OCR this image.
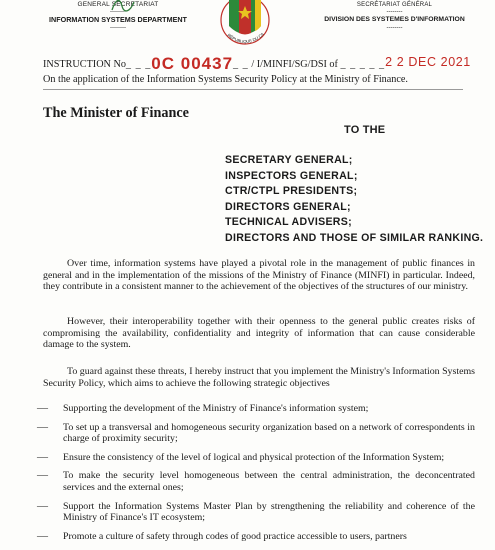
GENERAL SECRETARIAT
--------
INFORMATION SYSTEMS DEPARTMENT
--------
RÉPUBLIQUE DU CA
SECRÉTARIAT GÉNÉRAL
--------
DIVISION DES SYSTEMES D'INFORMATION
--------
INSTRUCTION No_ _ _0C 00437_ _ / I/MINFI/SG/DSI of _ _ _ _ _2 2 DEC 2021
On the application of the Information Systems Security Policy at the Ministry of Finance.
The Minister of Finance
TO THE
SECRETARY GENERAL;
INSPECTORS GENERAL;
CTR/CTPL PRESIDENTS;
DIRECTORS GENERAL;
TECHNICAL ADVISERS;
DIRECTORS AND THOSE OF SIMILAR RANKING.

Over time, information systems have played a pivotal role in the management of public finances in general and in the implementation of the missions of the Ministry of Finance (MINFI) in particular. Indeed, they contribute in a consistent manner to the achievement of the objectives of the structures of our ministry.

However, their interoperability together with their openness to the general public creates risks of compromising the availability, confidentiality and integrity of information that can cause considerable damage to the system.

To guard against these threats, I hereby instruct that you implement the Ministry's Information Systems Security Policy, which aims to achieve the following strategic objectives

— Supporting the development of the Ministry of Finance's information system;
— To set up a transversal and homogeneous security organization based on a network of correspondents in charge of proximity security;
— Ensure the consistency of the level of logical and physical protection of the Information System;
— To make the security level homogeneous between the central administration, the deconcentrated services and the external ones;
— Support the Information Systems Master Plan by strengthening the reliability and coherence of the Ministry of Finance's IT ecosystem;
— Promote a culture of safety through codes of good practice accessible to users, partners
